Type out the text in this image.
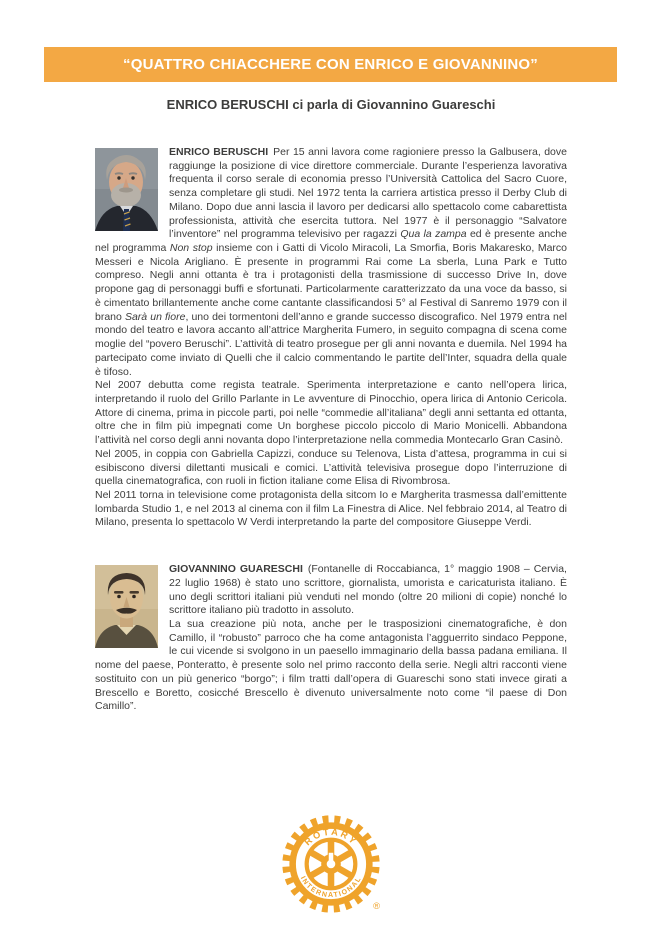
“QUATTRO CHIACCHERE CON ENRICO E GIOVANNINO”
ENRICO BERUSCHI ci parla di Giovannino Guareschi

ENRICO BERUSCHI Per 15 anni lavora come ragioniere presso la Galbusera, dove raggiunge la posizione di vice direttore commerciale. Durante l’esperienza lavorativa frequenta il corso serale di economia presso l’Università Cattolica del Sacro Cuore, senza completare gli studi. Nel 1972 tenta la carriera artistica presso il Derby Club di Milano. Dopo due anni lascia il lavoro per dedicarsi allo spettacolo come cabarettista professionista, attività che esercita tuttora. Nel 1977 è il personaggio “Salvatore l’inventore” nel programma televisivo per ragazzi Qua la zampa ed è presente anche nel programma Non stop insieme con i Gatti di Vicolo Miracoli, La Smorfia, Boris Makaresko, Marco Messeri e Nicola Arigliano. È presente in programmi Rai come La sberla, Luna Park e Tutto compreso. Negli anni ottanta è tra i protagonisti della trasmissione di successo Drive In, dove propone gag di personaggi buffi e sfortunati. Particolarmente caratterizzato da una voce da basso, si è cimentato brillantemente anche come cantante classificandosi 5° al Festival di Sanremo 1979 con il brano Sarà un fiore, uno dei tormentoni dell’anno e grande successo discografico. Nel 1979 entra nel mondo del teatro e lavora accanto all’attrice Margherita Fumero, in seguito compagna di scena come moglie del “povero Beruschi”. L’attività di teatro prosegue per gli anni novanta e duemila. Nel 1994 ha partecipato come inviato di Quelli che il calcio commentando le partite dell’Inter, squadra della quale è tifoso.

Nel 2007 debutta come regista teatrale. Sperimenta interpretazione e canto nell’opera lirica, interpretando il ruolo del Grillo Parlante in Le avventure di Pinocchio, opera lirica di Antonio Cericola. Attore di cinema, prima in piccole parti, poi nelle “commedie all’italiana” degli anni settanta ed ottanta, oltre che in film più impegnati come Un borghese piccolo piccolo di Mario Monicelli. Abbandona l’attività nel corso degli anni novanta dopo l’interpretazione nella commedia Montecarlo Gran Casinò.

Nel 2005, in coppia con Gabriella Capizzi, conduce su Telenova, Lista d’attesa, programma in cui si esibiscono diversi dilettanti musicali e comici. L’attività televisiva prosegue dopo l’interruzione di quella cinematografica, con ruoli in fiction italiane come Elisa di Rivombrosa.

Nel 2011 torna in televisione come protagonista della sitcom Io e Margherita trasmessa dall’emittente lombarda Studio 1, e nel 2013 al cinema con il film La Finestra di Alice. Nel febbraio 2014, al Teatro di Milano, presenta lo spettacolo W Verdi interpretando la parte del compositore Giuseppe Verdi.

GIOVANNINO GUARESCHI (Fontanelle di Roccabianca, 1° maggio 1908 – Cervia, 22 luglio 1968) è stato uno scrittore, giornalista, umorista e caricaturista italiano. È uno degli scrittori italiani più venduti nel mondo (oltre 20 milioni di copie) nonché lo scrittore italiano più tradotto in assoluto.

La sua creazione più nota, anche per le trasposizioni cinematografiche, è don Camillo, il “robusto” parroco che ha come antagonista l’agguerrito sindaco Peppone, le cui vicende si svolgono in un paesello immaginario della bassa padana emiliana. Il nome del paese, Ponteratto, è presente solo nel primo racconto della serie. Negli altri racconti viene sostituito con un più generico “borgo”; i film tratti dall’opera di Guareschi sono stati invece girati a Brescello e Boretto, cosicché Brescello è divenuto universalmente noto come “il paese di Don Camillo”.

ROTARY
INTERNATIONAL
®
